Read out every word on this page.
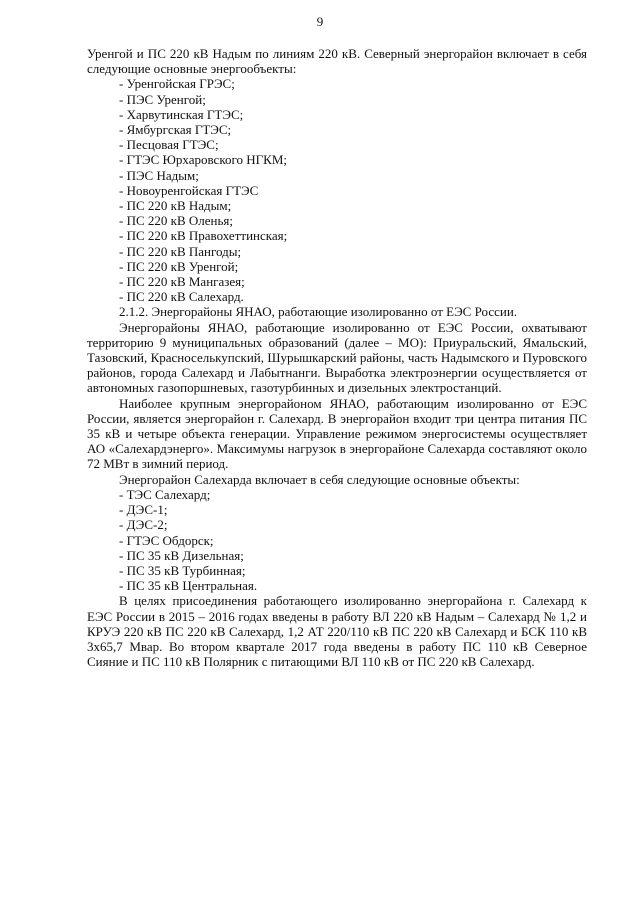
9

Уренгой и ПС 220 кВ Надым по линиям 220 кВ. Северный энергорайон включает в себя следующие основные энергообъекты:

- Уренгойская ГРЭС;
- ПЭС Уренгой;
- Харвутинская ГТЭС;
- Ямбургская ГТЭС;
- Песцовая ГТЭС;
- ГТЭС Юрхаровского НГКМ;
- ПЭС Надым;
- Новоуренгойская ГТЭС
- ПС 220 кВ Надым;
- ПС 220 кВ Оленья;
- ПС 220 кВ Правохеттинская;
- ПС 220 кВ Пангоды;
- ПС 220 кВ Уренгой;
- ПС 220 кВ Мангазея;
- ПС 220 кВ Салехард.

2.1.2. Энергорайоны ЯНАО, работающие изолированно от ЕЭС России.

Энергорайоны ЯНАО, работающие изолированно от ЕЭС России, охватывают территорию 9 муниципальных образований (далее – МО): Приуральский, Ямальский, Тазовский, Красноселькупский, Шурышкарский районы, часть Надымского и Пуровского районов, города Салехард и Лабытнанги. Выработка электроэнергии осуществляется от автономных газопоршневых, газотурбинных и дизельных электростанций.

Наиболее крупным энергорайоном ЯНАО, работающим изолированно от ЕЭС России, является энергорайон г. Салехард. В энергорайон входит три центра питания ПС 35 кВ и четыре объекта генерации. Управление режимом энергосистемы осуществляет АО «Салехардэнерго». Максимумы нагрузок в энергорайоне Салехарда составляют около 72 МВт в зимний период.

Энергорайон Салехарда включает в себя следующие основные объекты:

- ТЭС Салехард;
- ДЭС-1;
- ДЭС-2;
- ГТЭС Обдорск;
- ПС 35 кВ Дизельная;
- ПС 35 кВ Турбинная;
- ПС 35 кВ Центральная.

В целях присоединения работающего изолированно энергорайона г. Салехард к ЕЭС России в 2015 – 2016 годах введены в работу ВЛ 220 кВ Надым – Салехард № 1,2 и КРУЭ 220 кВ ПС 220 кВ Салехард, 1,2 АТ 220/110 кВ ПС 220 кВ Салехард и БСК 110 кВ 3х65,7 Мвар. Во втором квартале 2017 года введены в работу ПС 110 кВ Северное Сияние и ПС 110 кВ Полярник с питающими ВЛ 110 кВ от ПС 220 кВ Салехард.
